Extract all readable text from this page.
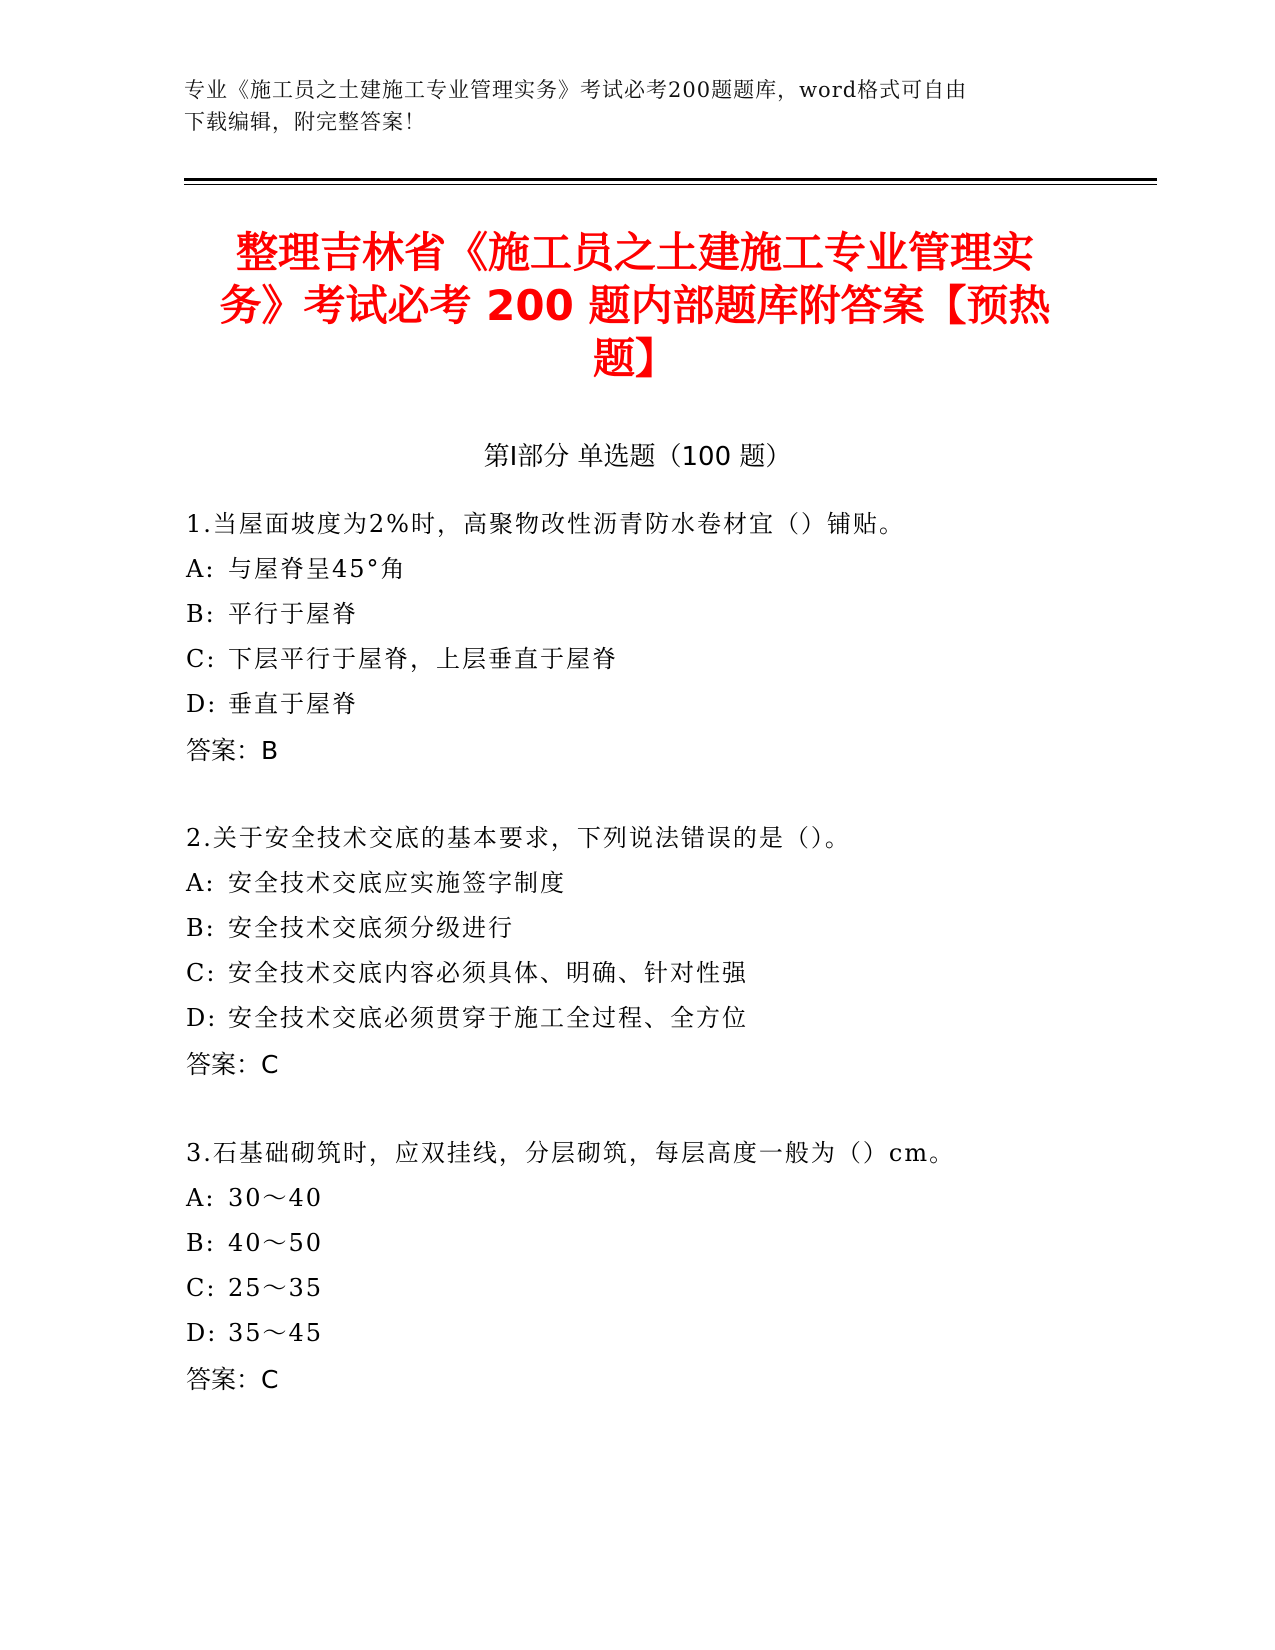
专业《施工员之土建施工专业管理实务》考试必考200题题库，word格式可自由
下载编辑，附完整答案！
整理吉林省《施工员之土建施工专业管理实
务》考试必考 200 题内部题库附答案【预热
题】
第Ⅰ部分 单选题（100 题）
1.当屋面坡度为2%时，高聚物改性沥青防水卷材宜（）铺贴。
A: 与屋脊呈45°角
B: 平行于屋脊
C: 下层平行于屋脊，上层垂直于屋脊
D: 垂直于屋脊
答案：B
2.关于安全技术交底的基本要求，下列说法错误的是（）。
A: 安全技术交底应实施签字制度
B: 安全技术交底须分级进行
C: 安全技术交底内容必须具体、明确、针对性强
D: 安全技术交底必须贯穿于施工全过程、全方位
答案：C
3.石基础砌筑时，应双挂线，分层砌筑，每层高度一般为（）cm。
A: 30～40
B: 40～50
C: 25～35
D: 35～45
答案：C
